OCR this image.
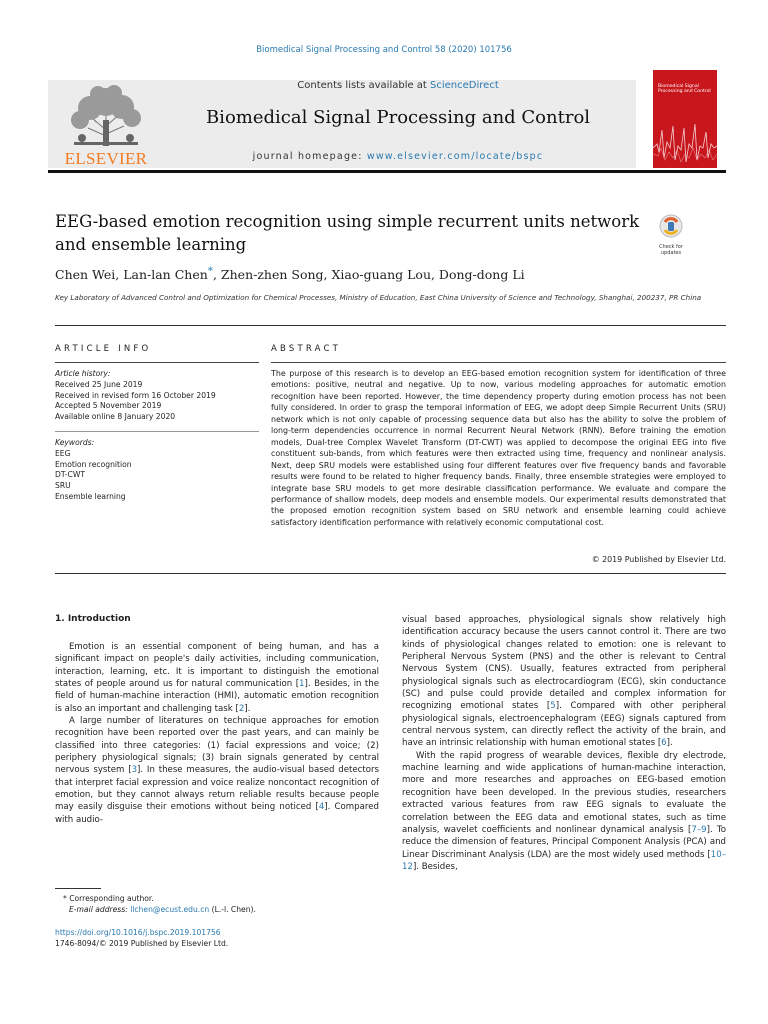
Biomedical Signal Processing and Control 58 (2020) 101756
ELSEVIER
Contents lists available at ScienceDirect
Biomedical Signal Processing and Control
journal homepage: www.elsevier.com/locate/bspc
Biomedical Signal Processing and Control
EEG-based emotion recognition using simple recurrent units network and ensemble learning	Check for
updates
Chen Wei, Lan-lan Chen*, Zhen-zhen Song, Xiao-guang Lou, Dong-dong Li
Key Laboratory of Advanced Control and Optimization for Chemical Processes, Ministry of Education, East China University of Science and Technology, Shanghai, 200237, PR China
ARTICLE INFO
Article history:
Received 25 June 2019
Received in revised form 16 October 2019
Accepted 5 November 2019
Available online 8 January 2020
Keywords:
EEG
Emotion recognition
DT-CWT
SRU
Ensemble learning
ABSTRACT
The purpose of this research is to develop an EEG-based emotion recognition system for identification of three emotions: positive, neutral and negative. Up to now, various modeling approaches for automatic emotion recognition have been reported. However, the time dependency property during emotion process has not been fully considered. In order to grasp the temporal information of EEG, we adopt deep Simple Recurrent Units (SRU) network which is not only capable of processing sequence data but also has the ability to solve the problem of long-term dependencies occurrence in normal Recurrent Neural Network (RNN). Before training the emotion models, Dual-tree Complex Wavelet Transform (DT-CWT) was applied to decompose the original EEG into five constituent sub-bands, from which features were then extracted using time, frequency and nonlinear analysis. Next, deep SRU models were established using four different features over five frequency bands and favorable results were found to be related to higher frequency bands. Finally, three ensemble strategies were employed to integrate base SRU models to get more desirable classification performance. We evaluate and compare the performance of shallow models, deep models and ensemble models. Our experimental results demonstrated that the proposed emotion recognition system based on SRU network and ensemble learning could achieve satisfactory identification performance with relatively economic computational cost.
© 2019 Published by Elsevier Ltd.
1. Introduction

Emotion is an essential component of being human, and has a significant impact on people's daily activities, including communication, interaction, learning, etc. It is important to distinguish the emotional states of people around us for natural communication [1]. Besides, in the field of human-machine interaction (HMI), automatic emotion recognition is also an important and challenging task [2].

A large number of literatures on technique approaches for emotion recognition have been reported over the past years, and can mainly be classified into three categories: (1) facial expressions and voice; (2) periphery physiological signals; (3) brain signals generated by central nervous system [3]. In these measures, the audio-visual based detectors that interpret facial expression and voice realize noncontact recognition of emotion, but they cannot always return reliable results because people may easily disguise their emotions without being noticed [4]. Compared with audio-

visual based approaches, physiological signals show relatively high identification accuracy because the users cannot control it. There are two kinds of physiological changes related to emotion: one is relevant to Peripheral Nervous System (PNS) and the other is relevant to Central Nervous System (CNS). Usually, features extracted from peripheral physiological signals such as electrocardiogram (ECG), skin conductance (SC) and pulse could provide detailed and complex information for recognizing emotional states [5]. Compared with other peripheral physiological signals, electroencephalogram (EEG) signals captured from central nervous system, can directly reflect the activity of the brain, and have an intrinsic relationship with human emotional states [6].

With the rapid progress of wearable devices, flexible dry electrode, machine learning and wide applications of human-machine interaction, more and more researches and approaches on EEG-based emotion recognition have been developed. In the previous studies, researchers extracted various features from raw EEG signals to evaluate the correlation between the EEG data and emotional states, such as time analysis, wavelet coefficients and nonlinear dynamical analysis [7–9]. To reduce the dimension of features, Principal Component Analysis (PCA) and Linear Discriminant Analysis (LDA) are the most widely used methods [10–12]. Besides,

* Corresponding author.
E-mail address: llchen@ecust.edu.cn (L.-l. Chen).
https://doi.org/10.1016/j.bspc.2019.101756
1746-8094/© 2019 Published by Elsevier Ltd.
